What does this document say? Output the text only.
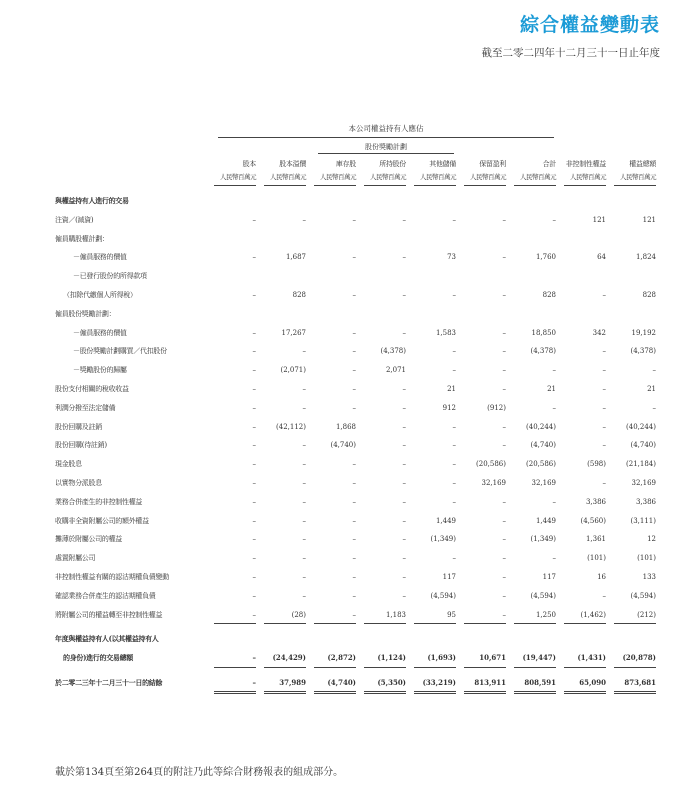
綜合權益變動表
截至二零二四年十二月三十一日止年度
本公司權益持有人應佔
股份獎勵計劃
股本	股本溢價	庫存股	所持股份	其他儲備	保留盈利	合計	非控制性權益	權益總額
人民幣百萬元	人民幣百萬元	人民幣百萬元	人民幣百萬元	人民幣百萬元	人民幣百萬元	人民幣百萬元	人民幣百萬元	人民幣百萬元
與權益持有人進行的交易
注資／(減資)	–	–	–	–	–	–	–	121	121
僱員購股權計劃：
－僱員服務的價值	–	1,687	–	–	73	–	1,760	64	1,824
－已發行股份的所得款項
（扣除代繳個人所得稅）	–	828	–	–	–	–	828	–	828
僱員股份獎勵計劃：
－僱員服務的價值	–	17,267	–	–	1,583	–	18,850	342	19,192
－股份獎勵計劃購買／代扣股份	–	–	–	(4,378)	–	–	(4,378)	–	(4,378)
－獎勵股份的歸屬	–	(2,071)	–	2,071	–	–	–	–	–
股份支付相關的稅收收益	–	–	–	–	21	–	21	–	21
利潤分撥至法定儲備	–	–	–	–	912	(912)	–	–	–
股份回購及註銷	–	(42,112)	1,868	–	–	–	(40,244)	–	(40,244)
股份回購(待註銷)	–	–	(4,740)	–	–	–	(4,740)	–	(4,740)
現金股息	–	–	–	–	–	(20,586)	(20,586)	(598)	(21,184)
以實物分派股息	–	–	–	–	–	32,169	32,169	–	32,169
業務合併產生的非控制性權益	–	–	–	–	–	–	–	3,386	3,386
收購非全資附屬公司的額外權益	–	–	–	–	1,449	–	1,449	(4,560)	(3,111)
攤薄於附屬公司的權益	–	–	–	–	(1,349)	–	(1,349)	1,361	12
處置附屬公司	–	–	–	–	–	–	–	(101)	(101)
非控制性權益有關的認沽期權負債變動	–	–	–	–	117	–	117	16	133
確認業務合併產生的認沽期權負債	–	–	–	–	(4,594)	–	(4,594)	–	(4,594)
將附屬公司的權益轉至非控制性權益	–	(28)	–	1,183	95	–	1,250	(1,462)	(212)
年度與權益持有人(以其權益持有人
的身份)進行的交易總額	–	(24,429)	(2,872)	(1,124)	(1,693)	10,671	(19,447)	(1,431)	(20,878)
於二零二三年十二月三十一日的結餘	–	37,989	(4,740)	(5,350)	(33,219)	813,911	808,591	65,090	873,681
載於第134頁至第264頁的附註乃此等綜合財務報表的組成部分。
